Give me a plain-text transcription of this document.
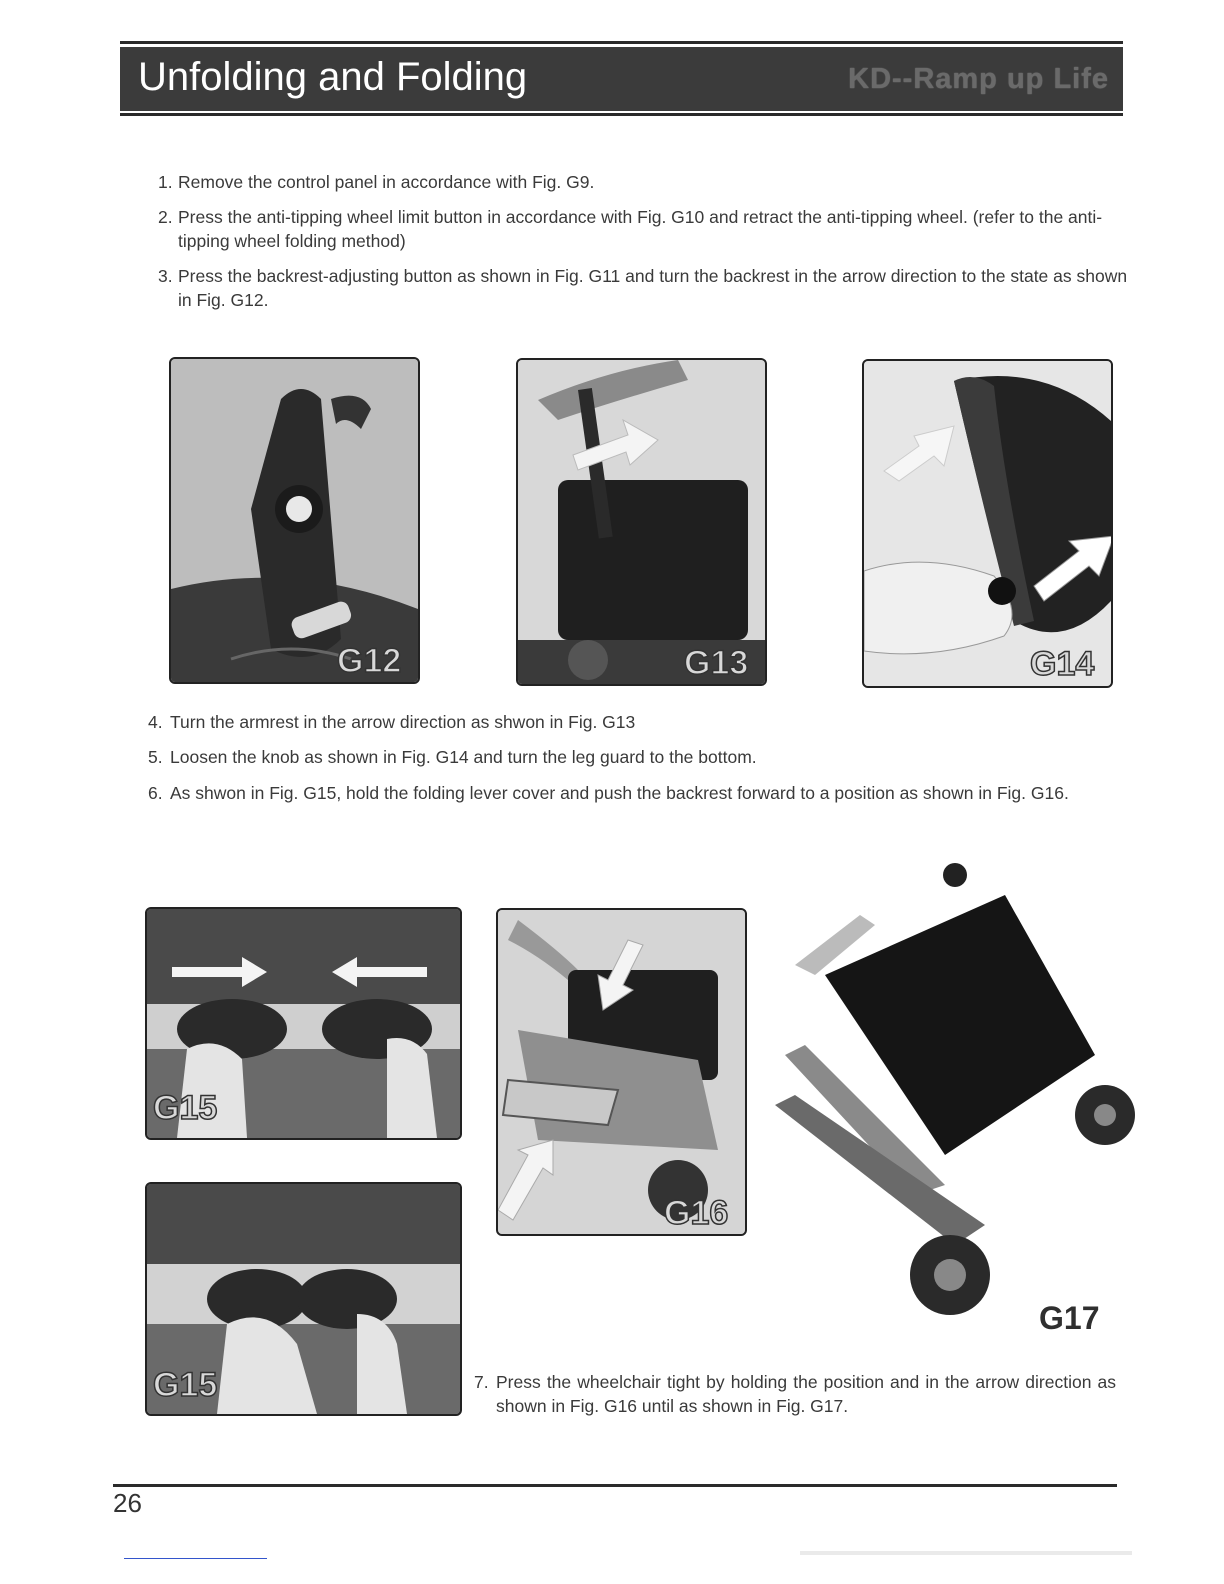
Unfolding and Folding	KD--Ramp up Life
1. Remove the control panel in accordance with Fig. G9.
2. Press the anti-tipping wheel limit button in accordance with Fig. G10 and retract the anti-tipping wheel. (refer to the anti-tipping wheel folding method)
3. Press the backrest-adjusting button as shown in Fig. G11 and turn the backrest in the arrow direction to the state as shown in Fig. G12.
G12	G13	G14
4. Turn the armrest in the arrow direction as shwon in Fig. G13
5. Loosen the knob as shown in Fig. G14 and turn the leg guard to the bottom.
6. As shwon in Fig. G15, hold the folding lever cover and push the backrest forward to a position as shown in Fig. G16.
G15
G15
G16
G17
7. Press the wheelchair tight by holding the position and in the arrow direction as shown in Fig. G16 until as shown in Fig. G17.
26
